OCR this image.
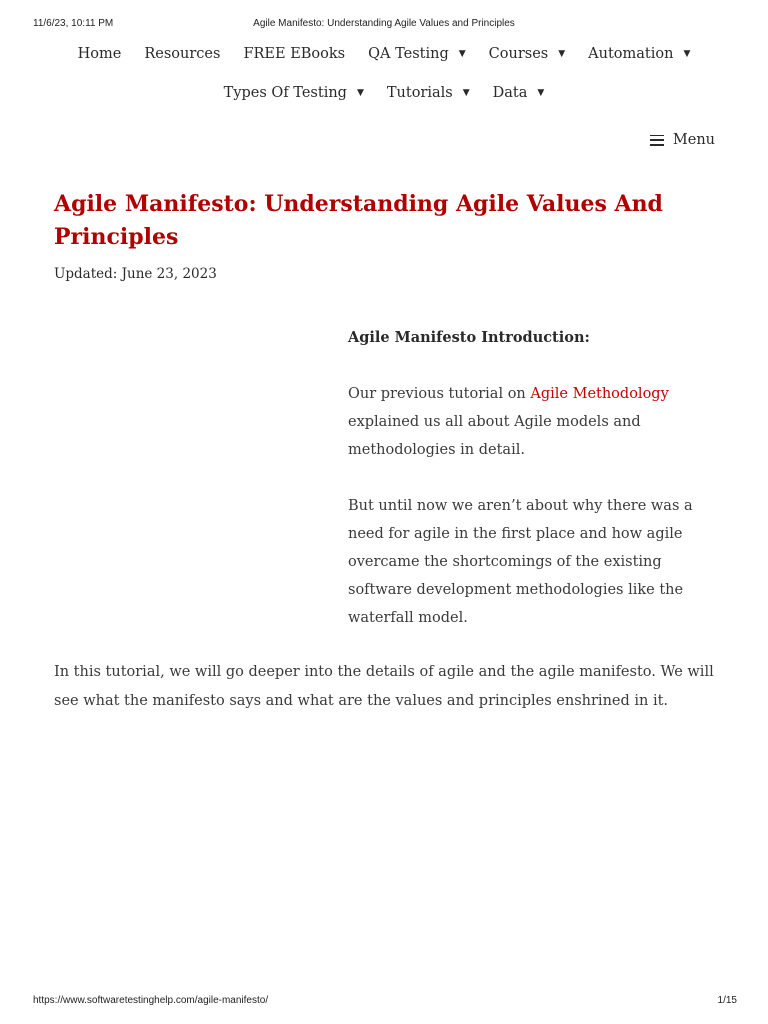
11/6/23, 10:11 PM	Agile Manifesto: Understanding Agile Values and Principles
Home Resources FREE EBooks QA Testing ▼ Courses ▼ Automation ▼
Types Of Testing ▼ Tutorials ▼ Data ▼
Menu
Agile Manifesto: Understanding Agile Values And Principles
Updated: June 23, 2023

Agile Manifesto Introduction:

Our previous tutorial on Agile Methodology explained us all about Agile models and methodologies in detail.

But until now we aren’t about why there was a need for agile in the first place and how agile overcame the shortcomings of the existing software development methodologies like the waterfall model.

In this tutorial, we will go deeper into the details of agile and the agile manifesto. We will see what the manifesto says and what are the values and principles enshrined in it.

https://www.softwaretestinghelp.com/agile-manifesto/	1/15
